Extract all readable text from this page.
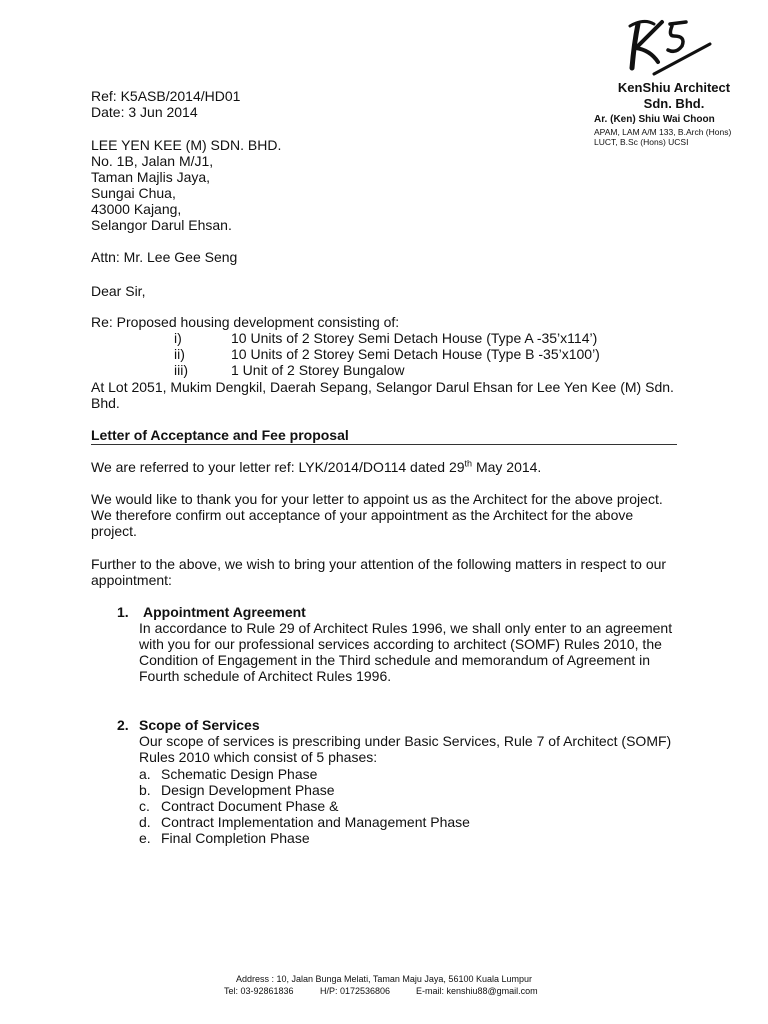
KenShiu Architect
Sdn. Bhd.
Ar. (Ken) Shiu Wai Choon
APAM, LAM A/M 133, B.Arch (Hons)
LUCT, B.Sc (Hons) UCSI
Ref: K5ASB/2014/HD01
Date: 3 Jun 2014
LEE YEN KEE (M) SDN. BHD.
No. 1B, Jalan M/J1,
Taman Majlis Jaya,
Sungai Chua,
43000 Kajang,
Selangor Darul Ehsan.
Attn: Mr. Lee Gee Seng
Dear Sir,
Re: Proposed housing development consisting of:
i)	10 Units of 2 Storey Semi Detach House (Type A -35’x114’)
ii)	10 Units of 2 Storey Semi Detach House (Type B -35’x100’)
iii)	1 Unit of 2 Storey Bungalow
At Lot 2051, Mukim Dengkil, Daerah Sepang, Selangor Darul Ehsan for Lee Yen Kee (M) Sdn. Bhd.
Letter of Acceptance and Fee proposal
We are referred to your letter ref: LYK/2014/DO114 dated 29th May 2014.
We would like to thank you for your letter to appoint us as the Architect for the above project. We therefore confirm out acceptance of your appointment as the Architect for the above project.
Further to the above, we wish to bring your attention of the following matters in respect to our appointment:
1. Appointment Agreement
In accordance to Rule 29 of Architect Rules 1996, we shall only enter to an agreement with you for our professional services according to architect (SOMF) Rules 2010, the Condition of Engagement in the Third schedule and memorandum of Agreement in Fourth schedule of Architect Rules 1996.
2. Scope of Services
Our scope of services is prescribing under Basic Services, Rule 7 of Architect (SOMF) Rules 2010 which consist of 5 phases:
a. Schematic Design Phase
b. Design Development Phase
c. Contract Document Phase &
d. Contract Implementation and Management Phase
e. Final Completion Phase
Address : 10, Jalan Bunga Melati, Taman Maju Jaya, 56100 Kuala Lumpur
Tel: 03-92861836	H/P: 0172536806	E-mail: kenshiu88@gmail.com
